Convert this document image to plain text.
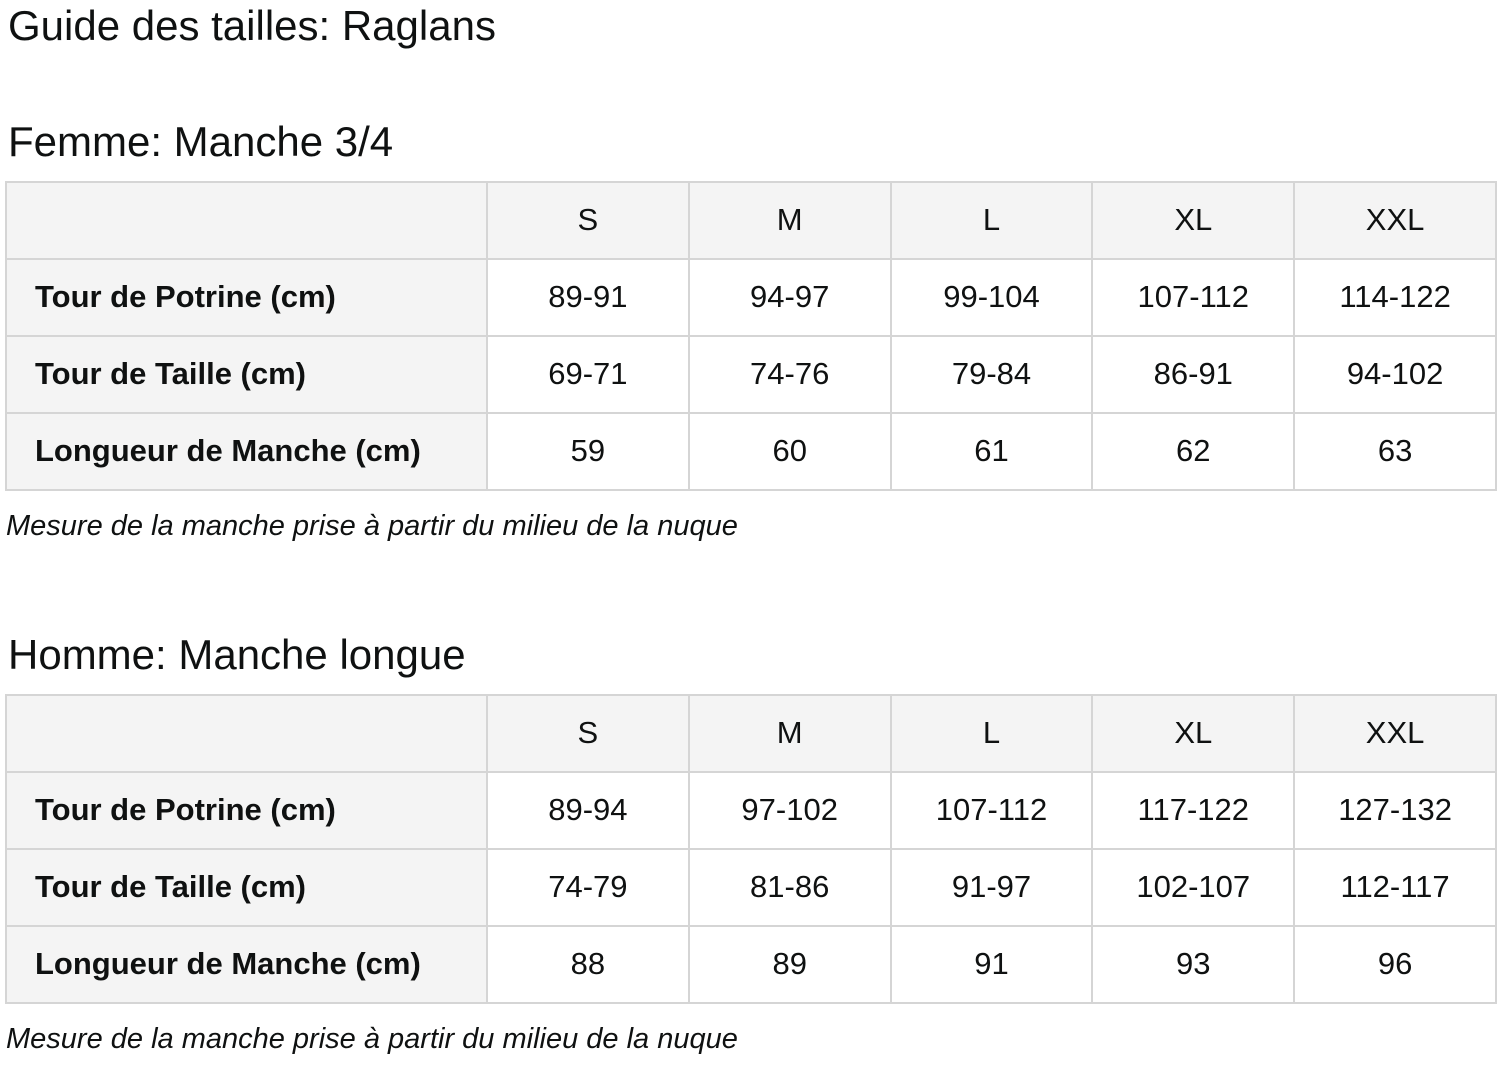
Guide des tailles: Raglans
Femme: Manche 3/4
	S	M	L	XL	XXL
Tour de Potrine (cm)	89-91	94-97	99-104	107-112	114-122
Tour de Taille (cm)	69-71	74-76	79-84	86-91	94-102
Longueur de Manche (cm)	59	60	61	62	63

Mesure de la manche prise à partir du milieu de la nuque

Homme: Manche longue
	S	M	L	XL	XXL
Tour de Potrine (cm)	89-94	97-102	107-112	117-122	127-132
Tour de Taille (cm)	74-79	81-86	91-97	102-107	112-117
Longueur de Manche (cm)	88	89	91	93	96

Mesure de la manche prise à partir du milieu de la nuque
